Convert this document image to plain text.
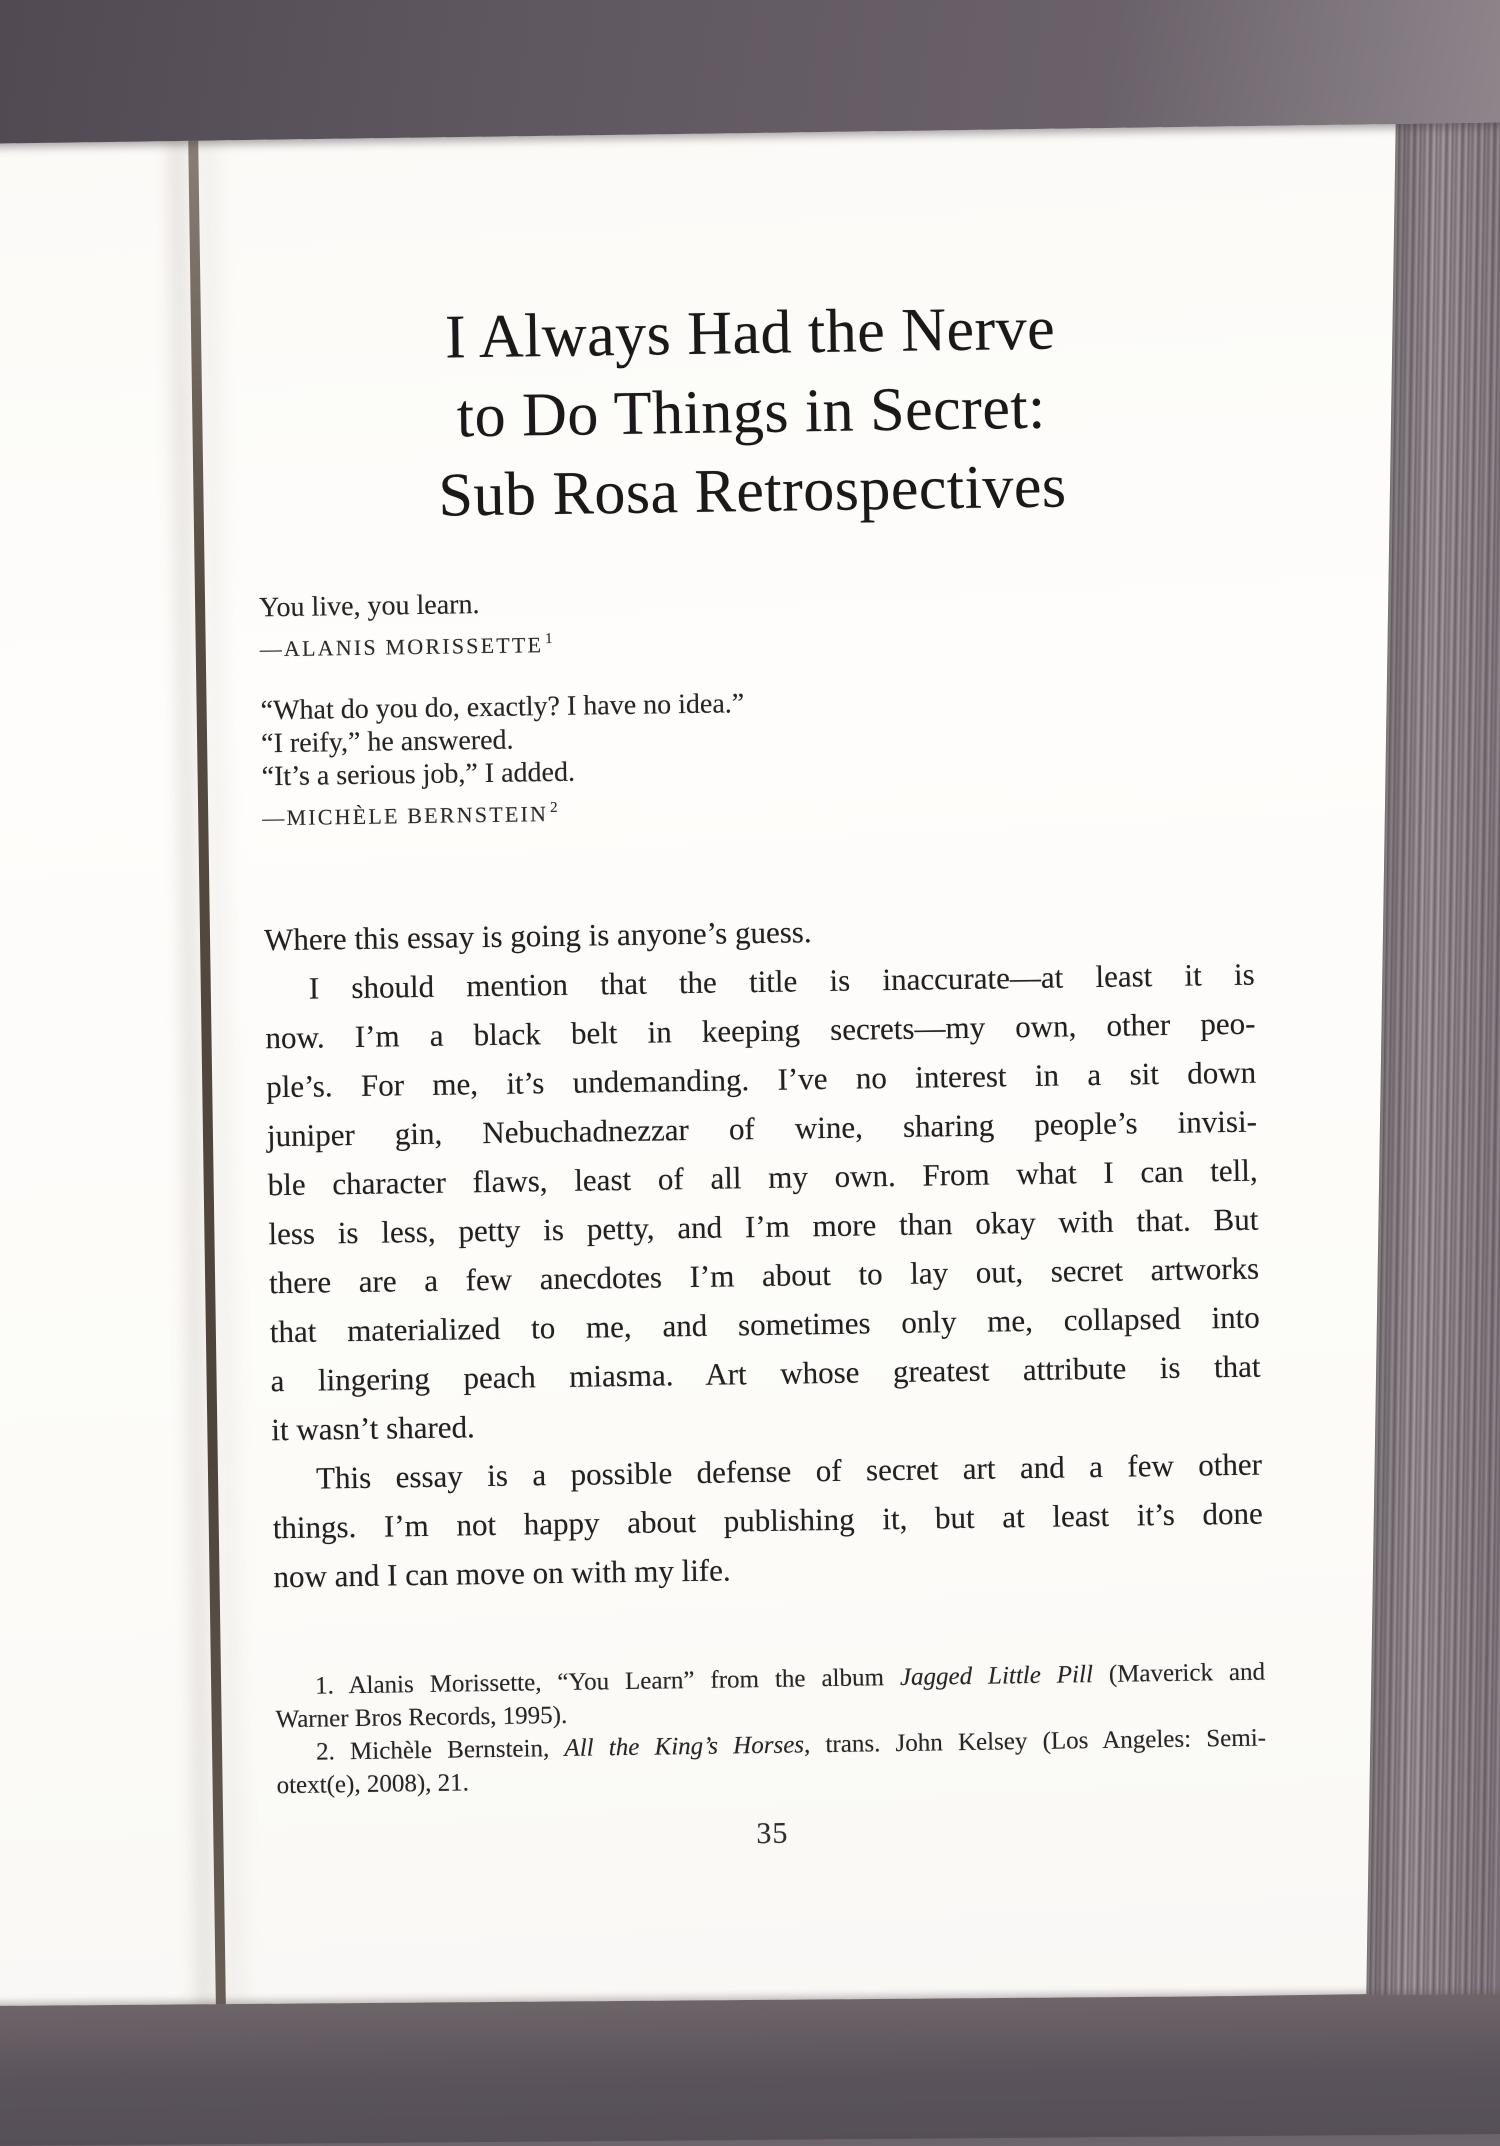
I Always Had the Nerve
to Do Things in Secret:
Sub Rosa Retrospectives
You live, you learn.
—ALANIS MORISSETTE $^1$
“What do you do, exactly? I have no idea.”
“I reify,” he answered.
“It’s a serious job,” I added.
—MICHÈLE BERNSTEIN $^2$
Where this essay is going is anyone’s guess.
I should mention that the title is inaccurate—at least it is
now. I’m a black belt in keeping secrets—my own, other peo-
ple’s. For me, it’s undemanding. I’ve no interest in a sit down
juniper gin, Nebuchadnezzar of wine, sharing people’s invisi-
ble character flaws, least of all my own. From what I can tell,
less is less, petty is petty, and I’m more than okay with that. But
there are a few anecdotes I’m about to lay out, secret artworks
that materialized to me, and sometimes only me, collapsed into
a lingering peach miasma. Art whose greatest attribute is that
it wasn’t shared.
This essay is a possible defense of secret art and a few other
things. I’m not happy about publishing it, but at least it’s done
now and I can move on with my life.
1. Alanis Morissette, “You Learn” from the album Jagged Little Pill (Maverick and
Warner Bros Records, 1995).
2. Michèle Bernstein, All the King’s Horses, trans. John Kelsey (Los Angeles: Semi-
otext(e), 2008), 21.
35
